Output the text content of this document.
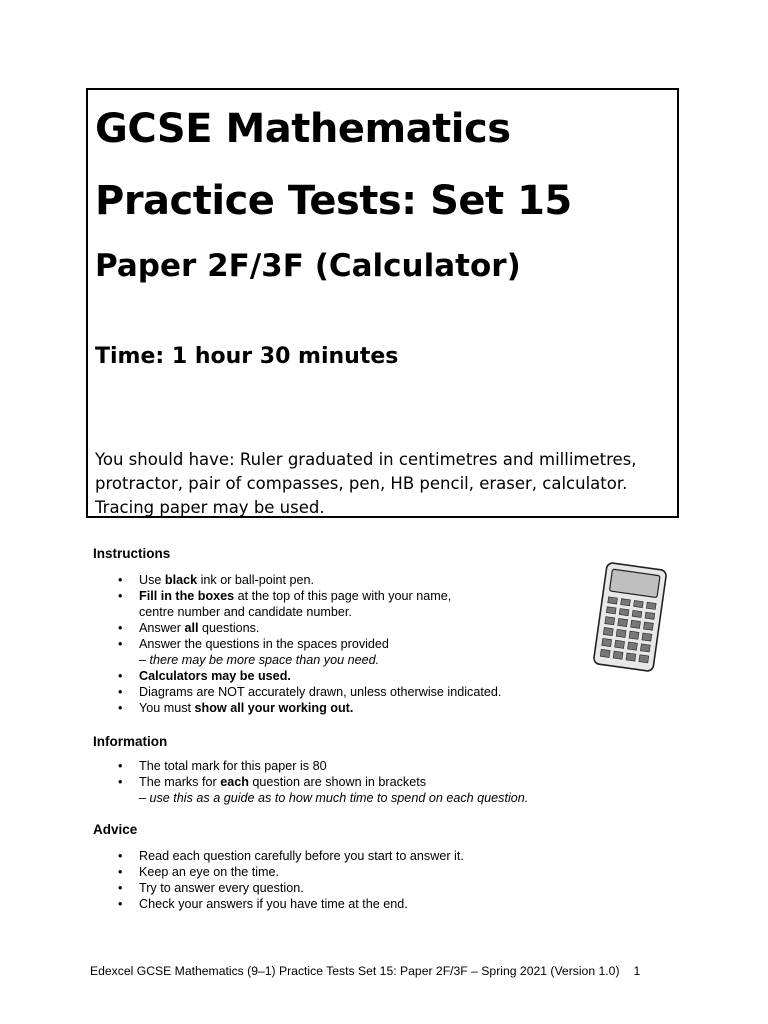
GCSE Mathematics
Practice Tests: Set 15
Paper 2F/3F (Calculator)
Time: 1 hour 30 minutes
You should have: Ruler graduated in centimetres and millimetres, protractor, pair of compasses, pen, HB pencil, eraser, calculator. Tracing paper may be used.
Instructions
• Use black ink or ball-point pen.
• Fill in the boxes at the top of this page with your name,
centre number and candidate number.
• Answer all questions.
• Answer the questions in the spaces provided
– there may be more space than you need.
• Calculators may be used.
• Diagrams are NOT accurately drawn, unless otherwise indicated.
• You must show all your working out.
Information
• The total mark for this paper is 80
• The marks for each question are shown in brackets
– use this as a guide as to how much time to spend on each question.
Advice
• Read each question carefully before you start to answer it.
• Keep an eye on the time.
• Try to answer every question.
• Check your answers if you have time at the end.
Edexcel GCSE Mathematics (9–1) Practice Tests Set 15: Paper 2F/3F – Spring 2021 (Version 1.0) 1
